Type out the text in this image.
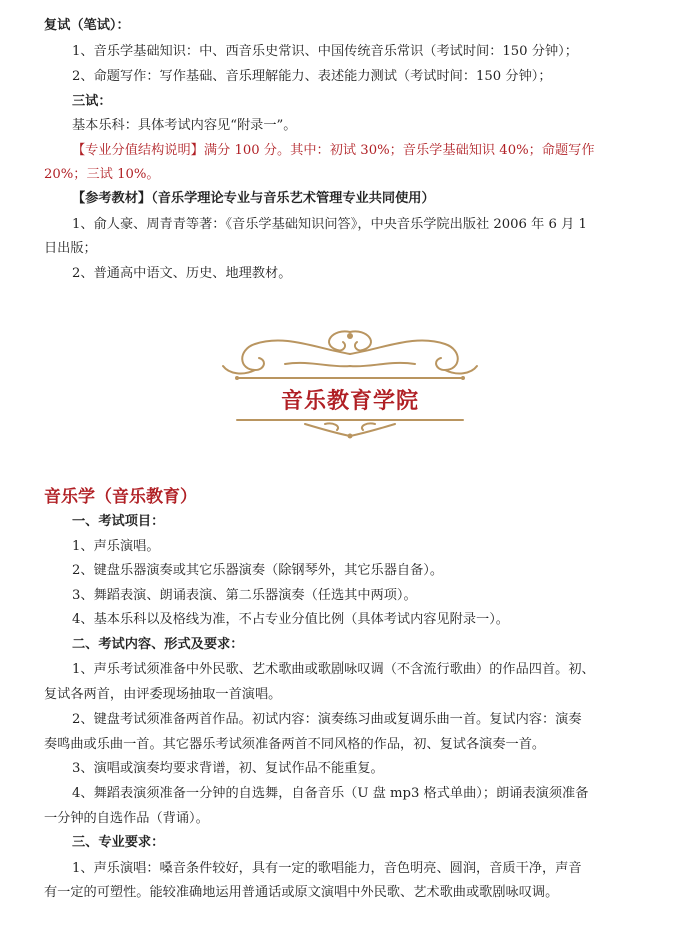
复试（笔试）：
1、音乐学基础知识：中、西音乐史常识、中国传统音乐常识（考试时间：150 分钟）；
2、命题写作：写作基础、音乐理解能力、表述能力测试（考试时间：150 分钟）；
三试：
基本乐科：具体考试内容见“附录一”。
【专业分值结构说明】满分 100 分。其中：初试 30%；音乐学基础知识 40%；命题写作
20%；三试 10%。
【参考教材】（音乐学理论专业与音乐艺术管理专业共同使用）
1、俞人豪、周青青等著：《音乐学基础知识问答》，中央音乐学院出版社 2006 年 6 月 1
日出版；
2、普通高中语文、历史、地理教材。
音乐教育学院
音乐学（音乐教育）
一、考试项目：
1、声乐演唱。
2、键盘乐器演奏或其它乐器演奏（除钢琴外，其它乐器自备）。
3、舞蹈表演、朗诵表演、第二乐器演奏（任选其中两项）。
4、基本乐科以及格线为准，不占专业分值比例（具体考试内容见附录一）。
二、考试内容、形式及要求：
1、声乐考试须准备中外民歌、艺术歌曲或歌剧咏叹调（不含流行歌曲）的作品四首。初、
复试各两首，由评委现场抽取一首演唱。
2、键盘考试须准备两首作品。初试内容：演奏练习曲或复调乐曲一首。复试内容：演奏
奏鸣曲或乐曲一首。其它器乐考试须准备两首不同风格的作品，初、复试各演奏一首。
3、演唱或演奏均要求背谱，初、复试作品不能重复。
4、舞蹈表演须准备一分钟的自选舞，自备音乐（U 盘 mp3 格式单曲）；朗诵表演须准备
一分钟的自选作品（背诵）。
三、专业要求：
1、声乐演唱：嗓音条件较好，具有一定的歌唱能力，音色明亮、圆润，音质干净，声音
有一定的可塑性。能较准确地运用普通话或原文演唱中外民歌、艺术歌曲或歌剧咏叹调。
